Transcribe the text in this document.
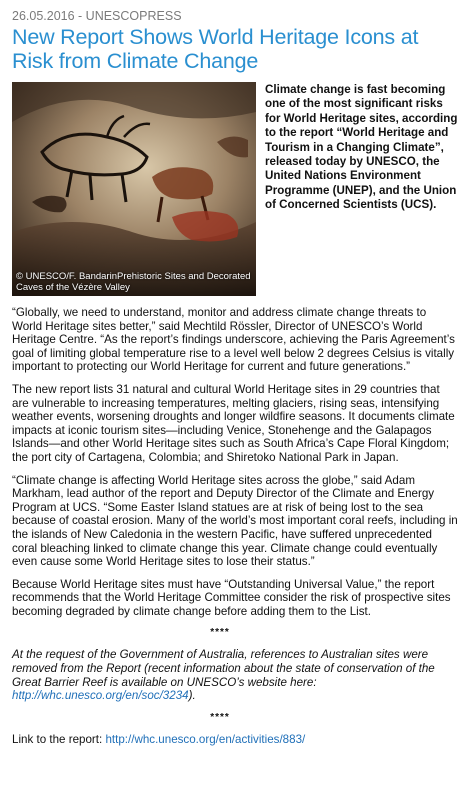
26.05.2016 - UNESCOPRESS
New Report Shows World Heritage Icons at Risk from Climate Change
© UNESCO/F. BandarinPrehistoric Sites and Decorated Caves of the Vézère Valley
Climate change is fast becoming one of the most significant risks for World Heritage sites, according to the report “World Heritage and Tourism in a Changing Climate”, released today by UNESCO, the United Nations Environment Programme (UNEP), and the Union of Concerned Scientists (UCS).

“Globally, we need to understand, monitor and address climate change threats to World Heritage sites better,” said Mechtild Rössler, Director of UNESCO’s World Heritage Centre. “As the report’s findings underscore, achieving the Paris Agreement’s goal of limiting global temperature rise to a level well below 2 degrees Celsius is vitally important to protecting our World Heritage for current and future generations.”

The new report lists 31 natural and cultural World Heritage sites in 29 countries that are vulnerable to increasing temperatures, melting glaciers, rising seas, intensifying weather events, worsening droughts and longer wildfire seasons. It documents climate impacts at iconic tourism sites—including Venice, Stonehenge and the Galapagos Islands—and other World Heritage sites such as South Africa’s Cape Floral Kingdom; the port city of Cartagena, Colombia; and Shiretoko National Park in Japan.

“Climate change is affecting World Heritage sites across the globe,” said Adam Markham, lead author of the report and Deputy Director of the Climate and Energy Program at UCS. “Some Easter Island statues are at risk of being lost to the sea because of coastal erosion. Many of the world’s most important coral reefs, including in the islands of New Caledonia in the western Pacific, have suffered unprecedented coral bleaching linked to climate change this year. Climate change could eventually even cause some World Heritage sites to lose their status.”

Because World Heritage sites must have “Outstanding Universal Value,” the report recommends that the World Heritage Committee consider the risk of prospective sites becoming degraded by climate change before adding them to the List.

****

At the request of the Government of Australia, references to Australian sites were removed from the Report (recent information about the state of conservation of the Great Barrier Reef is available on UNESCO’s website here: http://whc.unesco.org/en/soc/3234).

****

Link to the report: http://whc.unesco.org/en/activities/883/
